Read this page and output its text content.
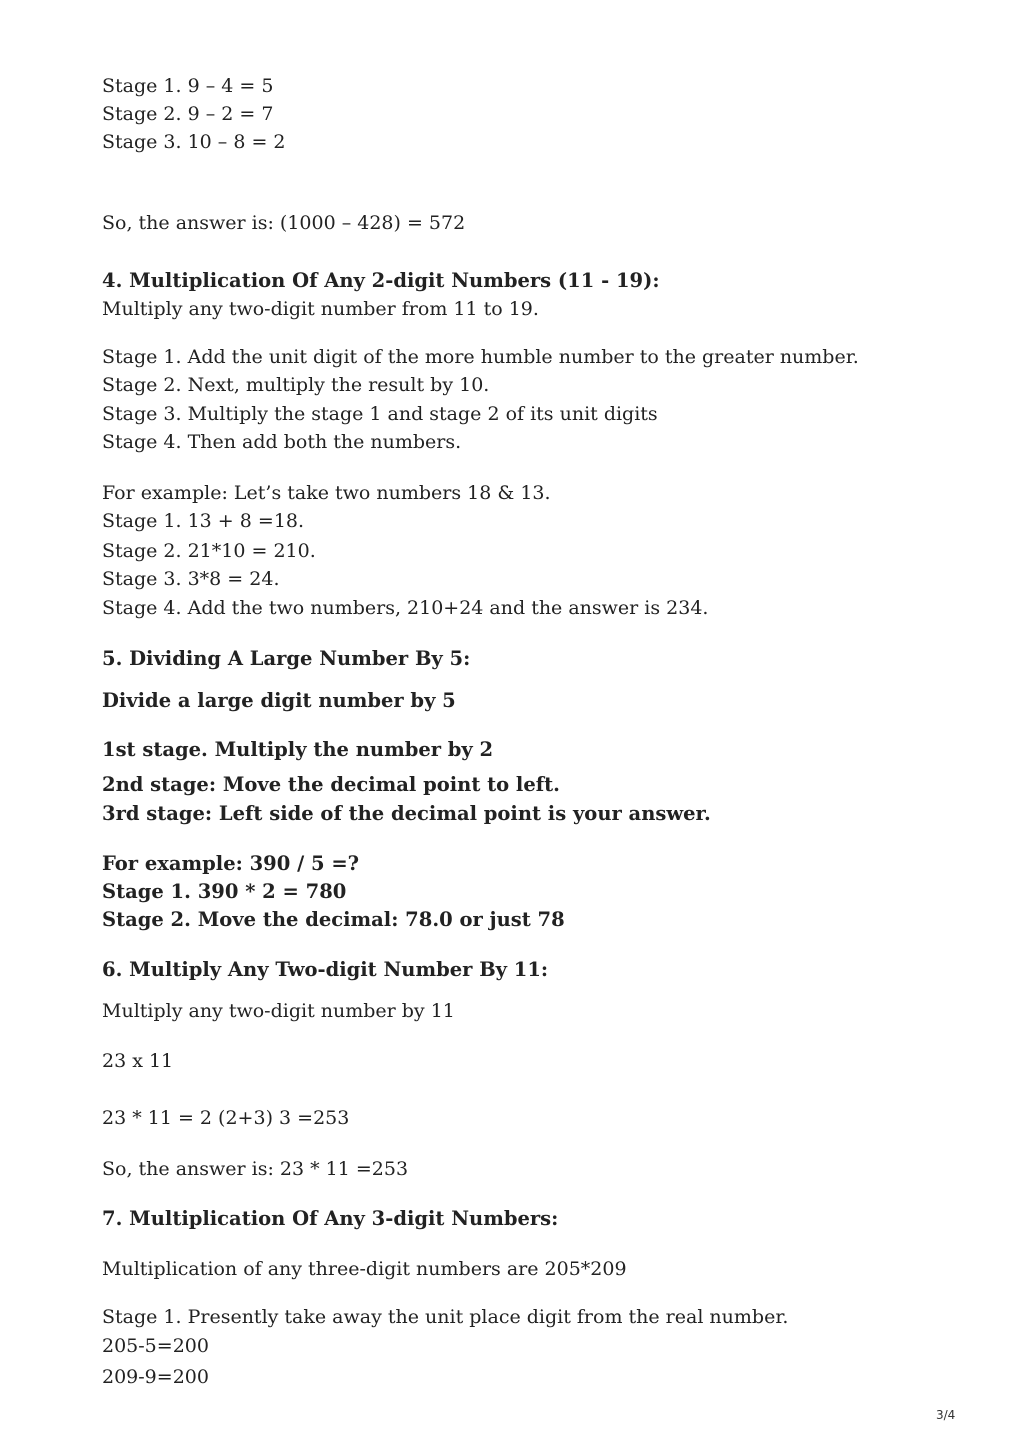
Stage 1. 9 – 4 = 5
Stage 2. 9 – 2 = 7
Stage 3. 10 – 8 = 2
So, the answer is: (1000 – 428) = 572
4. Multiplication Of Any 2-digit Numbers (11 - 19):
Multiply any two-digit number from 11 to 19.
Stage 1. Add the unit digit of the more humble number to the greater number.
Stage 2. Next, multiply the result by 10.
Stage 3. Multiply the stage 1 and stage 2 of its unit digits
Stage 4. Then add both the numbers.
For example: Let’s take two numbers 18 & 13.
Stage 1. 13 + 8 =18.
Stage 2. 21*10 = 210.
Stage 3. 3*8 = 24.
Stage 4. Add the two numbers, 210+24 and the answer is 234.
5. Dividing A Large Number By 5:
Divide a large digit number by 5
1st stage. Multiply the number by 2
2nd stage: Move the decimal point to left.
3rd stage: Left side of the decimal point is your answer.
For example: 390 / 5 =?
Stage 1. 390 * 2 = 780
Stage 2. Move the decimal: 78.0 or just 78
6. Multiply Any Two-digit Number By 11:
Multiply any two-digit number by 11
23 x 11
23 * 11 = 2 (2+3) 3 =253
So, the answer is: 23 * 11 =253
7. Multiplication Of Any 3-digit Numbers:
Multiplication of any three-digit numbers are 205*209
Stage 1. Presently take away the unit place digit from the real number.
205-5=200
209-9=200
3/4
